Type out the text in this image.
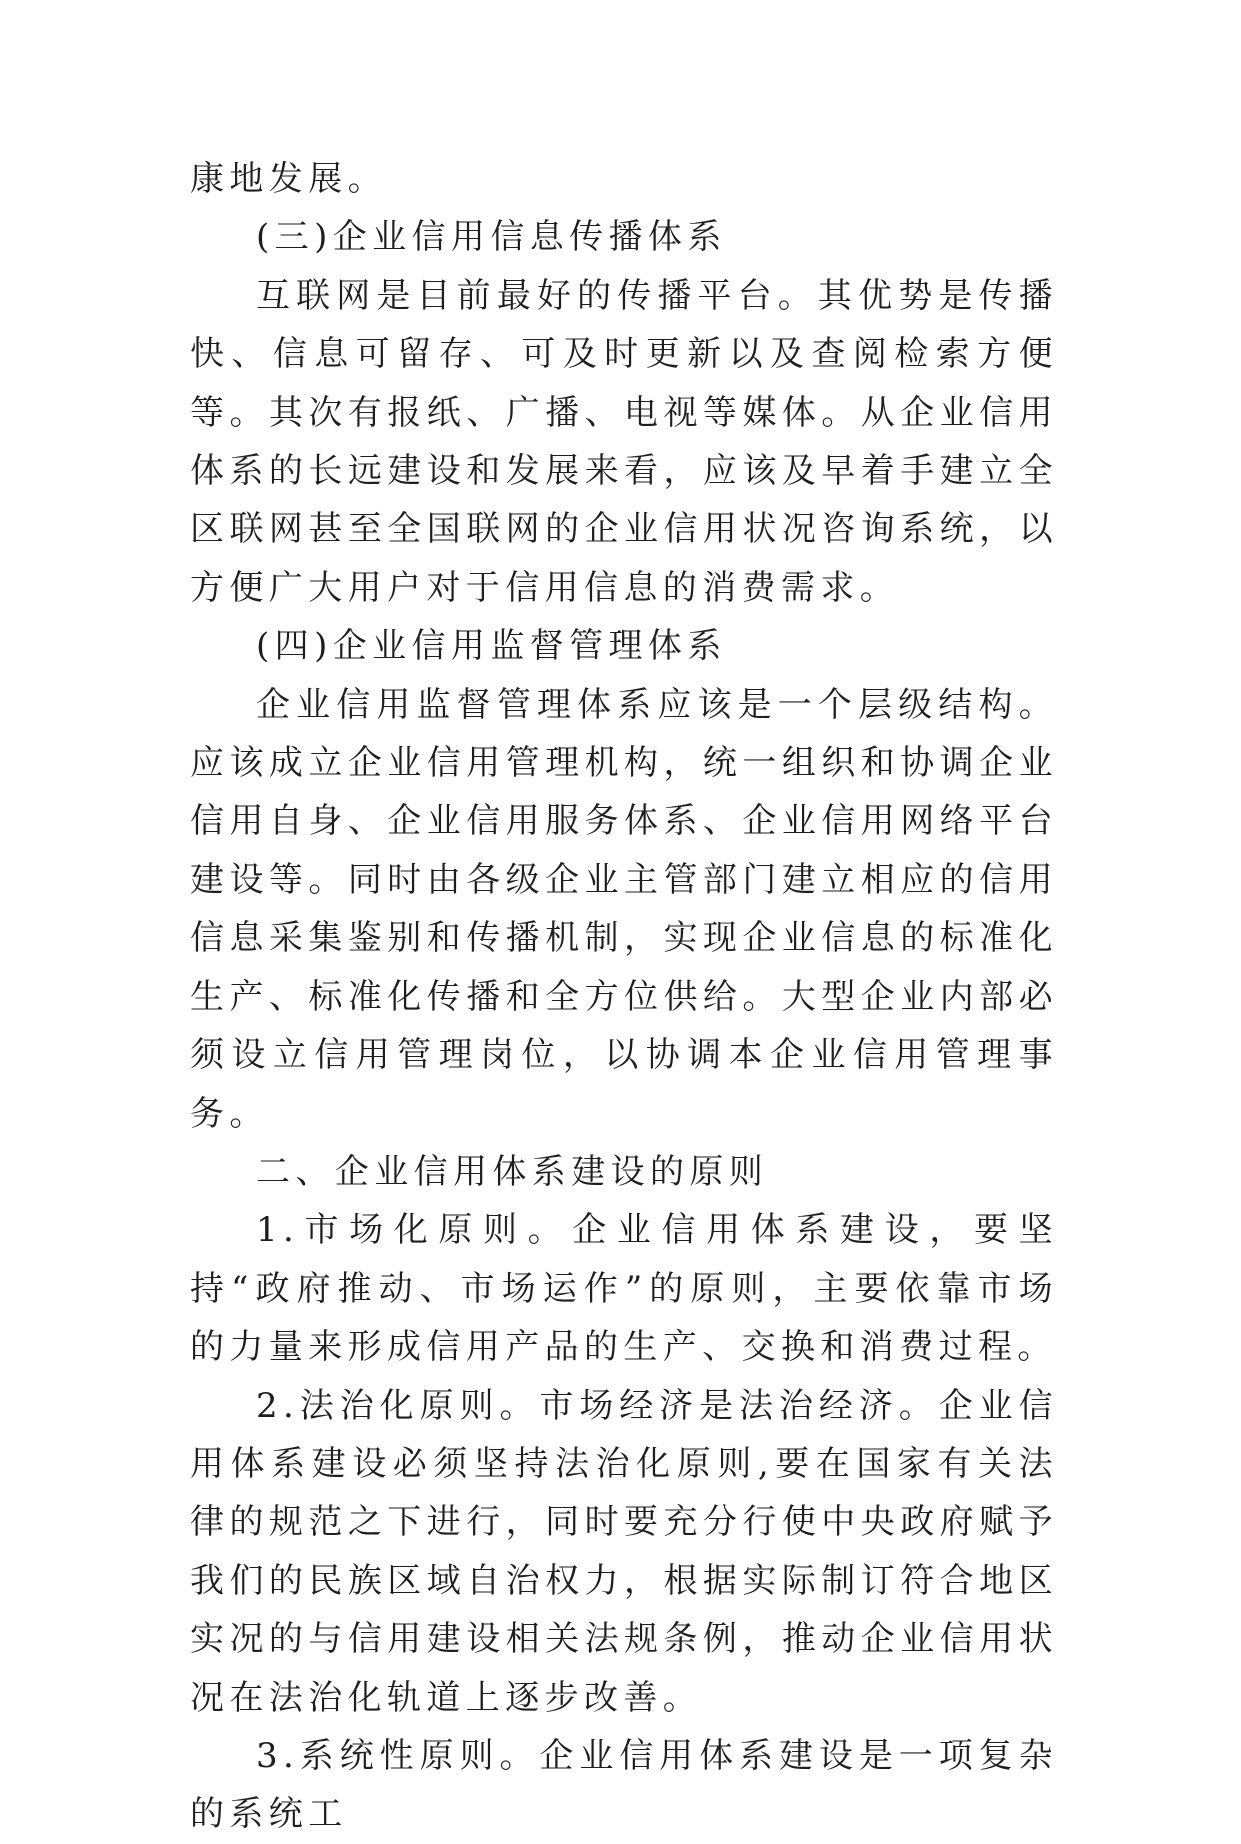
康地发展。

(三)企业信用信息传播体系

互联网是目前最好的传播平台。其优势是传播快、信息可留存、可及时更新以及查阅检索方便等。其次有报纸、广播、电视等媒体。从企业信用体系的长远建设和发展来看，应该及早着手建立全区联网甚至全国联网的企业信用状况咨询系统，以方便广大用户对于信用信息的消费需求。

(四)企业信用监督管理体系

企业信用监督管理体系应该是一个层级结构。应该成立企业信用管理机构，统一组织和协调企业信用自身、企业信用服务体系、企业信用网络平台建设等。同时由各级企业主管部门建立相应的信用信息采集鉴别和传播机制，实现企业信息的标准化生产、标准化传播和全方位供给。大型企业内部必须设立信用管理岗位，以协调本企业信用管理事务。

二、企业信用体系建设的原则

1.市场化原则。企业信用体系建设，要坚持“政府推动、市场运作”的原则，主要依靠市场的力量来形成信用产品的生产、交换和消费过程。

2.法治化原则。市场经济是法治经济。企业信用体系建设必须坚持法治化原则,要在国家有关法律的规范之下进行，同时要充分行使中央政府赋予我们的民族区域自治权力，根据实际制订符合地区实况的与信用建设相关法规条例，推动企业信用状况在法治化轨道上逐步改善。

3.系统性原则。企业信用体系建设是一项复杂的系统工
